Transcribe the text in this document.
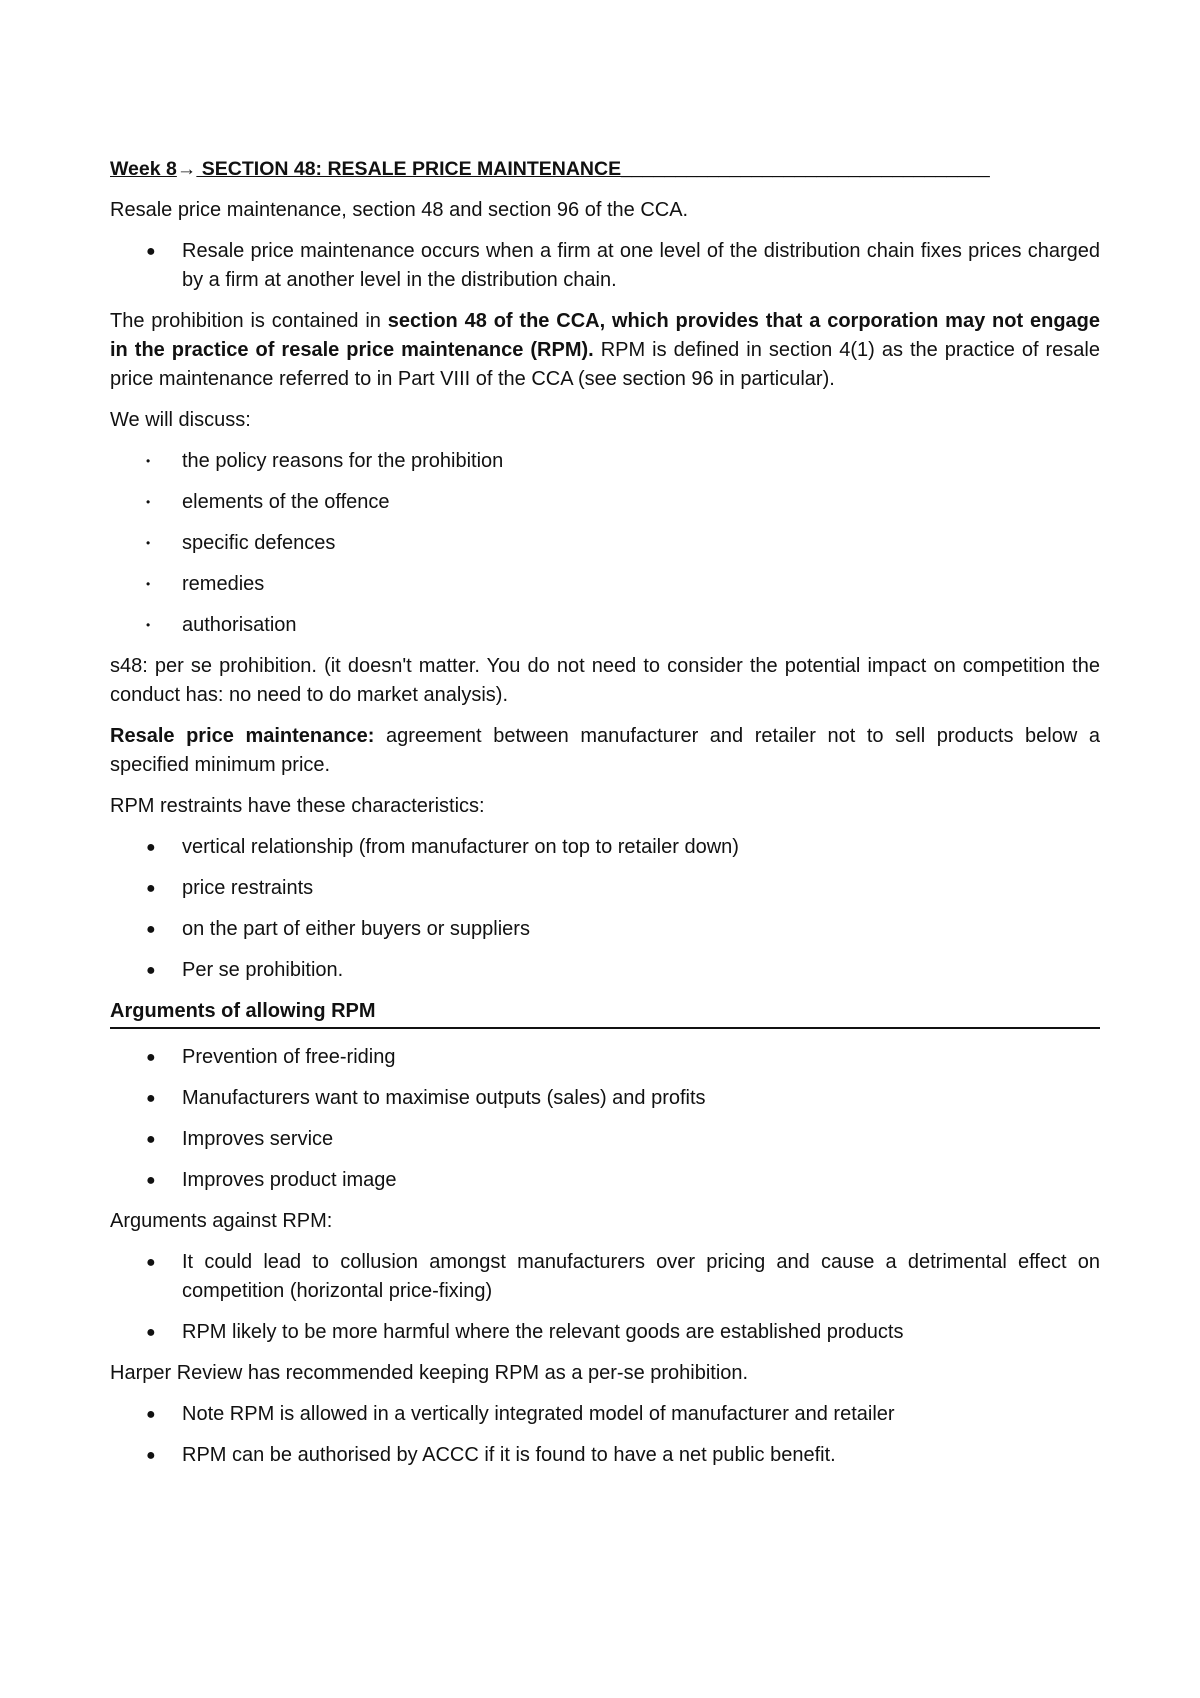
Week 8→ SECTION 48: RESALE PRICE MAINTENANCE__________________________________

Resale price maintenance, section 48 and section 96 of the CCA.

● Resale price maintenance occurs when a firm at one level of the distribution chain fixes prices charged by a firm at another level in the distribution chain.

The prohibition is contained in section 48 of the CCA, which provides that a corporation may not engage in the practice of resale price maintenance (RPM). RPM is defined in section 4(1) as the practice of resale price maintenance referred to in Part VIII of the CCA (see section 96 in particular).

We will discuss:

• the policy reasons for the prohibition
• elements of the offence
• specific defences
• remedies
• authorisation

s48: per se prohibition. (it doesn't matter. You do not need to consider the potential impact on competition the conduct has: no need to do market analysis).

Resale price maintenance: agreement between manufacturer and retailer not to sell products below a specified minimum price.

RPM restraints have these characteristics:

● vertical relationship (from manufacturer on top to retailer down)
● price restraints
● on the part of either buyers or suppliers
● Per se prohibition.

Arguments of allowing RPM

● Prevention of free-riding
● Manufacturers want to maximise outputs (sales) and profits
● Improves service
● Improves product image

Arguments against RPM:

● It could lead to collusion amongst manufacturers over pricing and cause a detrimental effect on competition (horizontal price-fixing)
● RPM likely to be more harmful where the relevant goods are established products

Harper Review has recommended keeping RPM as a per-se prohibition.

● Note RPM is allowed in a vertically integrated model of manufacturer and retailer
● RPM can be authorised by ACCC if it is found to have a net public benefit.
